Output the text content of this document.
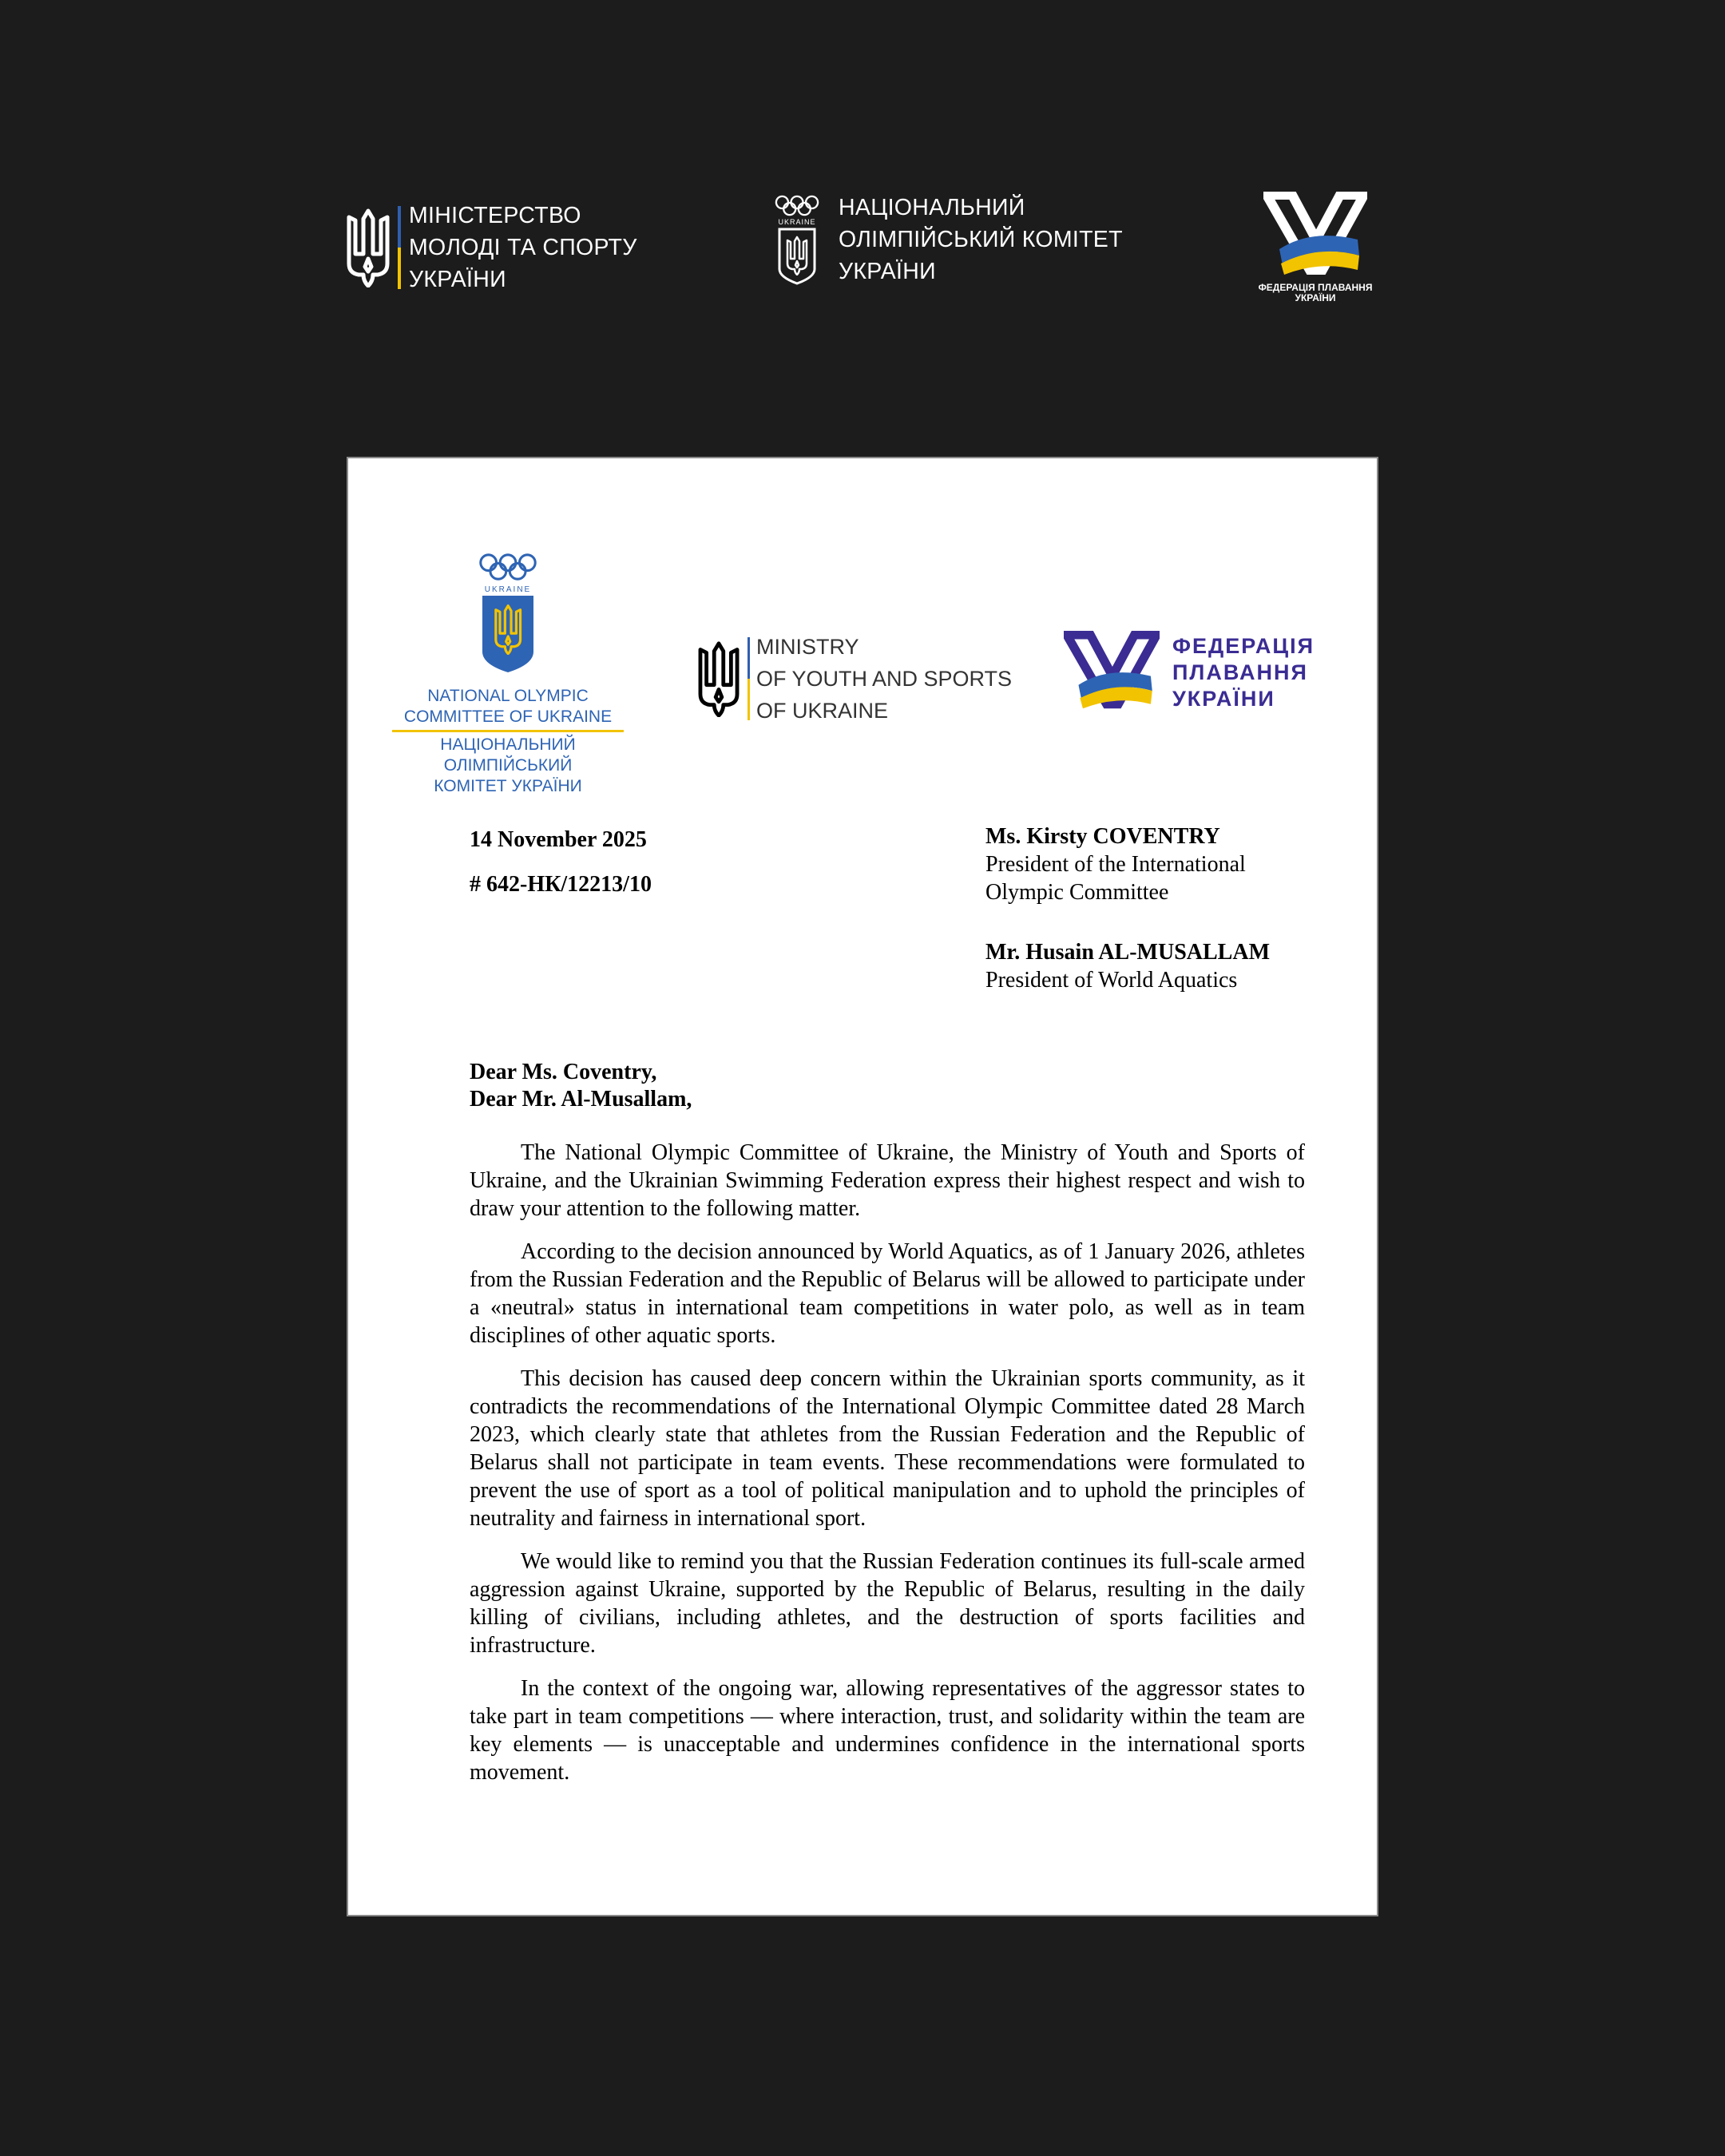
МІНІСТЕРСТВО
МОЛОДІ ТА СПОРТУ
УКРАЇНИ
UKRAINE
НАЦІОНАЛЬНИЙ
ОЛІМПІЙСЬКИЙ КОМІТЕТ
УКРАЇНИ
ФЕДЕРАЦІЯ ПЛАВАННЯ
УКРАЇНИ
UKRAINE
NATIONAL OLYMPIC
COMMITTEE OF UKRAINE
НАЦІОНАЛЬНИЙ ОЛІМПІЙСЬКИЙ
КОМІТЕТ УКРАЇНИ
MINISTRY
OF YOUTH AND SPORTS
OF UKRAINE
ФЕДЕРАЦІЯ
ПЛАВАННЯ
УКРАЇНИ
14 November 2025
# 642-НК/12213/10
Ms. Kirsty COVENTRY
President of the International
Olympic Committee
Mr. Husain AL-MUSALLAM
President of World Aquatics
Dear Ms. Coventry,
Dear Mr. Al-Musallam,

The National Olympic Committee of Ukraine, the Ministry of Youth and Sports of Ukraine, and the Ukrainian Swimming Federation express their highest respect and wish to draw your attention to the following matter.

According to the decision announced by World Aquatics, as of 1 January 2026, athletes from the Russian Federation and the Republic of Belarus will be allowed to participate under a «neutral» status in international team competitions in water polo, as well as in team disciplines of other aquatic sports.

This decision has caused deep concern within the Ukrainian sports community, as it contradicts the recommendations of the International Olympic Committee dated 28 March 2023, which clearly state that athletes from the Russian Federation and the Republic of Belarus shall not participate in team events. These recommendations were formulated to prevent the use of sport as a tool of political manipulation and to uphold the principles of neutrality and fairness in international sport.

We would like to remind you that the Russian Federation continues its full-scale armed aggression against Ukraine, supported by the Republic of Belarus, resulting in the daily killing of civilians, including athletes, and the destruction of sports facilities and infrastructure.

In the context of the ongoing war, allowing representatives of the aggressor states to take part in team competitions — where interaction, trust, and solidarity within the team are key elements — is unacceptable and undermines confidence in the international sports movement.
